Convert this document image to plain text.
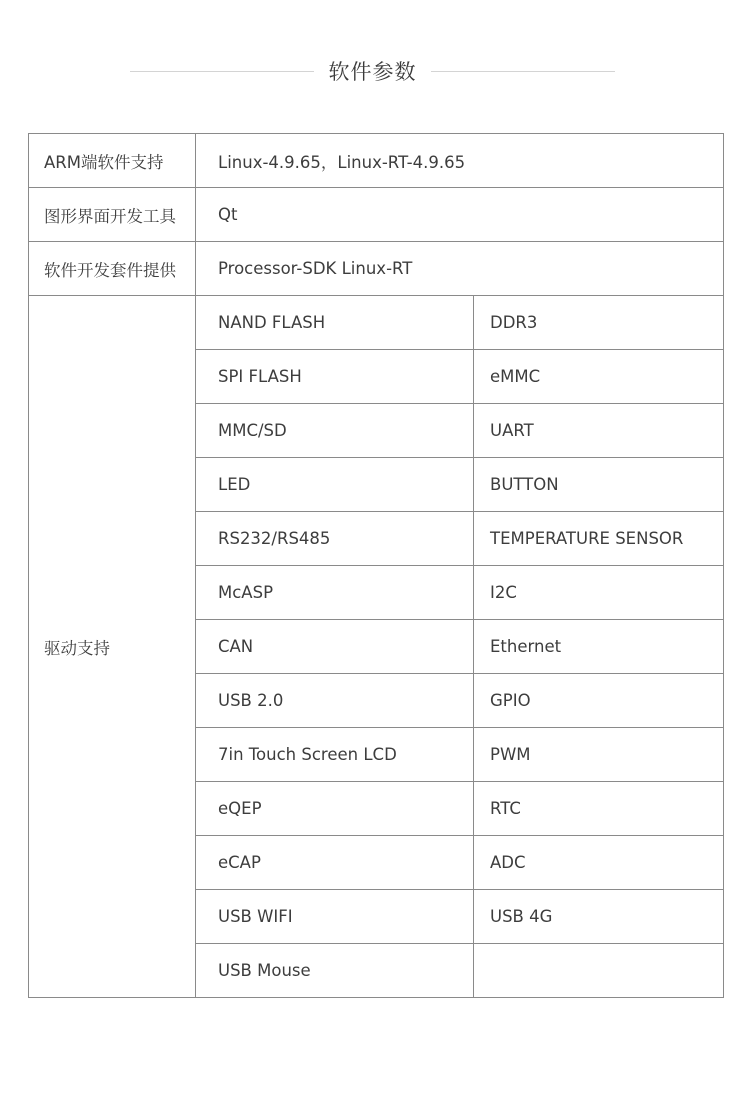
软件参数
ARM端软件支持	Linux-4.9.65，Linux-RT-4.9.65	
图形界面开发工具	Qt	
软件开发套件提供	Processor-SDK Linux-RT	
驱动支持	NAND FLASH	DDR3
	SPI FLASH	eMMC
	MMC/SD	UART
	LED	BUTTON
	RS232/RS485	TEMPERATURE SENSOR
	McASP	I2C
	CAN	Ethernet
	USB 2.0	GPIO
	7in Touch Screen LCD	PWM
	eQEP	RTC
	eCAP	ADC
	USB WIFI	USB 4G
	USB Mouse	
